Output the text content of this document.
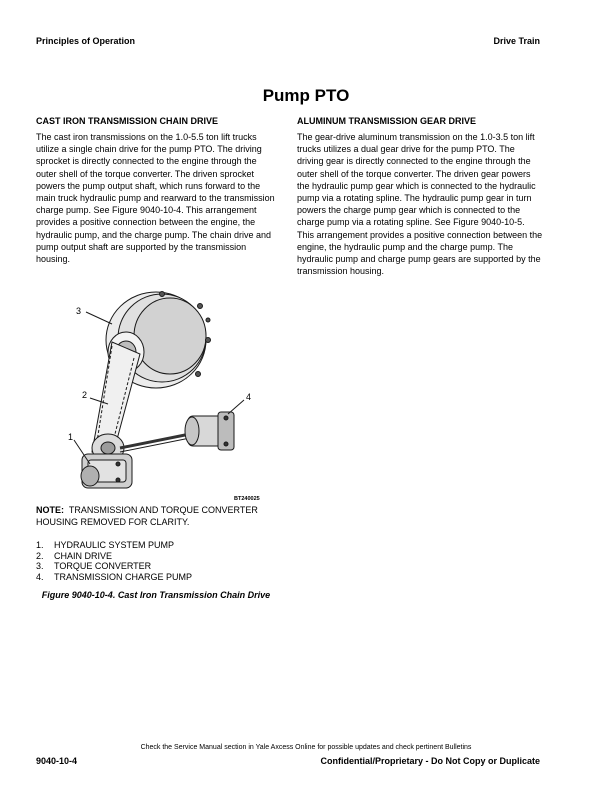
Principles of Operation	Drive Train
Pump PTO
CAST IRON TRANSMISSION CHAIN DRIVE
The cast iron transmissions on the 1.0-5.5 ton lift trucks utilize a single chain drive for the pump PTO. The driving sprocket is directly connected to the engine through the outer shell of the torque converter. The driven sprocket powers the pump output shaft, which runs forward to the main truck hydraulic pump and rearward to the transmission charge pump. See Figure 9040-10-4. This arrangement provides a positive connection between the engine, the hydraulic pump, and the charge pump. The chain drive and pump output shaft are supported by the transmission housing.
ALUMINUM TRANSMISSION GEAR DRIVE
The gear-drive aluminum transmission on the 1.0-3.5 ton lift trucks utilizes a dual gear drive for the pump PTO. The driving gear is directly connected to the engine through the outer shell of the torque converter. The driven gear powers the hydraulic pump gear which is connected to the hydraulic pump via a rotating spline. The hydraulic pump gear in turn powers the charge pump gear which is connected to the charge pump via a rotating spline. See Figure 9040-10-5. This arrangement provides a positive connection between the engine, the hydraulic pump and the charge pump. The hydraulic pump and charge pump gears are supported by the transmission housing.
3
2
1
4
BT240025
NOTE: TRANSMISSION AND TORQUE CONVERTER HOUSING REMOVED FOR CLARITY.
1.	HYDRAULIC SYSTEM PUMP
2.	CHAIN DRIVE
3.	TORQUE CONVERTER
4.	TRANSMISSION CHARGE PUMP
Figure 9040-10-4. Cast Iron Transmission Chain Drive
Check the Service Manual section in Yale Axcess Online for possible updates and check pertinent Bulletins
9040-10-4	Confidential/Proprietary - Do Not Copy or Duplicate
